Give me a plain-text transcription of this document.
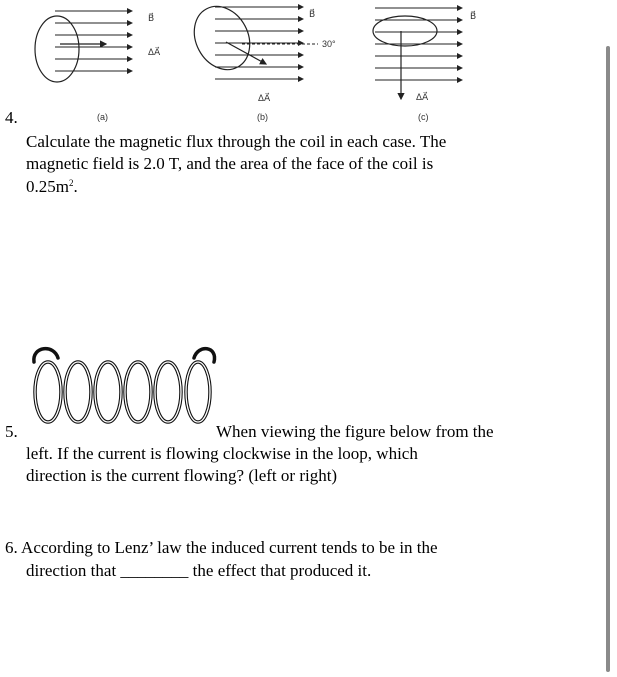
B⃗
ΔA⃗
B⃗
30°
ΔA⃗
B⃗
ΔA⃗
(a)	(b)	(c)
4.
Calculate the magnetic flux through the coil in each case. The
magnetic field is 2.0 T, and the area of the face of the coil is
$0.25m^2$.
5.	When viewing the figure below from the
left. If the current is flowing clockwise in the loop, which
direction is the current flowing? (left or right)
6. According to Lenz’ law the induced current tends to be in the
direction that ________ the effect that produced it.
